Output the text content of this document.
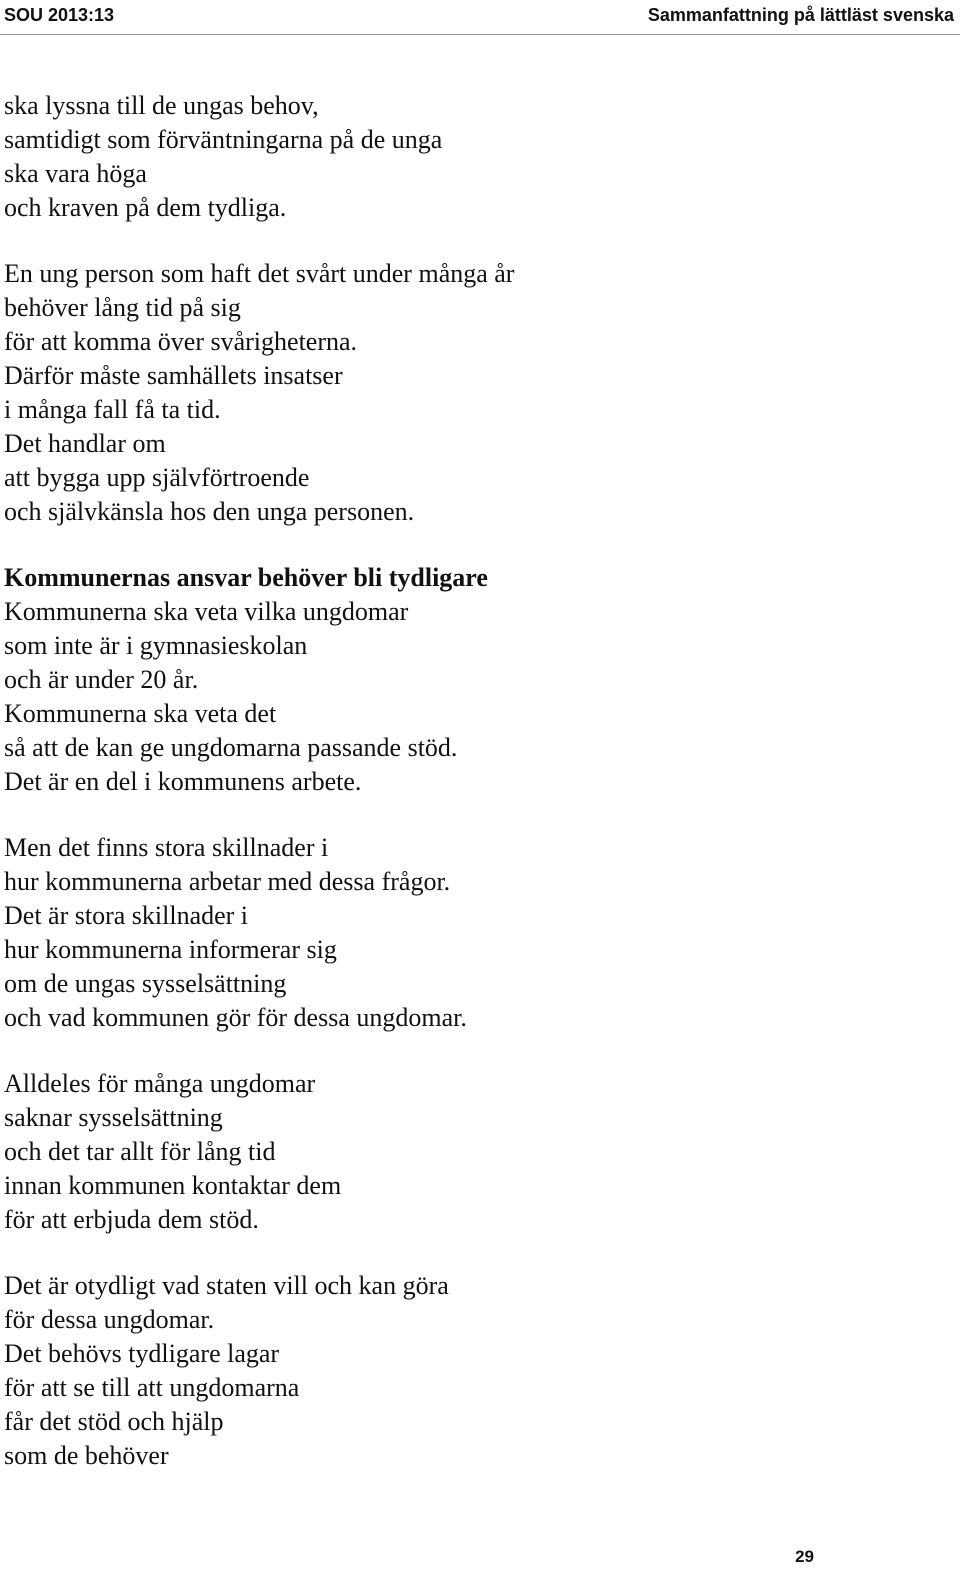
SOU 2013:13	Sammanfattning på lättläst svenska
ska lyssna till de ungas behov,
samtidigt som förväntningarna på de unga
ska vara höga
och kraven på dem tydliga.
En ung person som haft det svårt under många år
behöver lång tid på sig
för att komma över svårigheterna.
Därför måste samhällets insatser
i många fall få ta tid.
Det handlar om
att bygga upp självförtroende
och självkänsla hos den unga personen.
Kommunernas ansvar behöver bli tydligare
Kommunerna ska veta vilka ungdomar
som inte är i gymnasieskolan
och är under 20 år.
Kommunerna ska veta det
så att de kan ge ungdomarna passande stöd.
Det är en del i kommunens arbete.
Men det finns stora skillnader i
hur kommunerna arbetar med dessa frågor.
Det är stora skillnader i
hur kommunerna informerar sig
om de ungas sysselsättning
och vad kommunen gör för dessa ungdomar.
Alldeles för många ungdomar
saknar sysselsättning
och det tar allt för lång tid
innan kommunen kontaktar dem
för att erbjuda dem stöd.
Det är otydligt vad staten vill och kan göra
för dessa ungdomar.
Det behövs tydligare lagar
för att se till att ungdomarna
får det stöd och hjälp
som de behöver
29
